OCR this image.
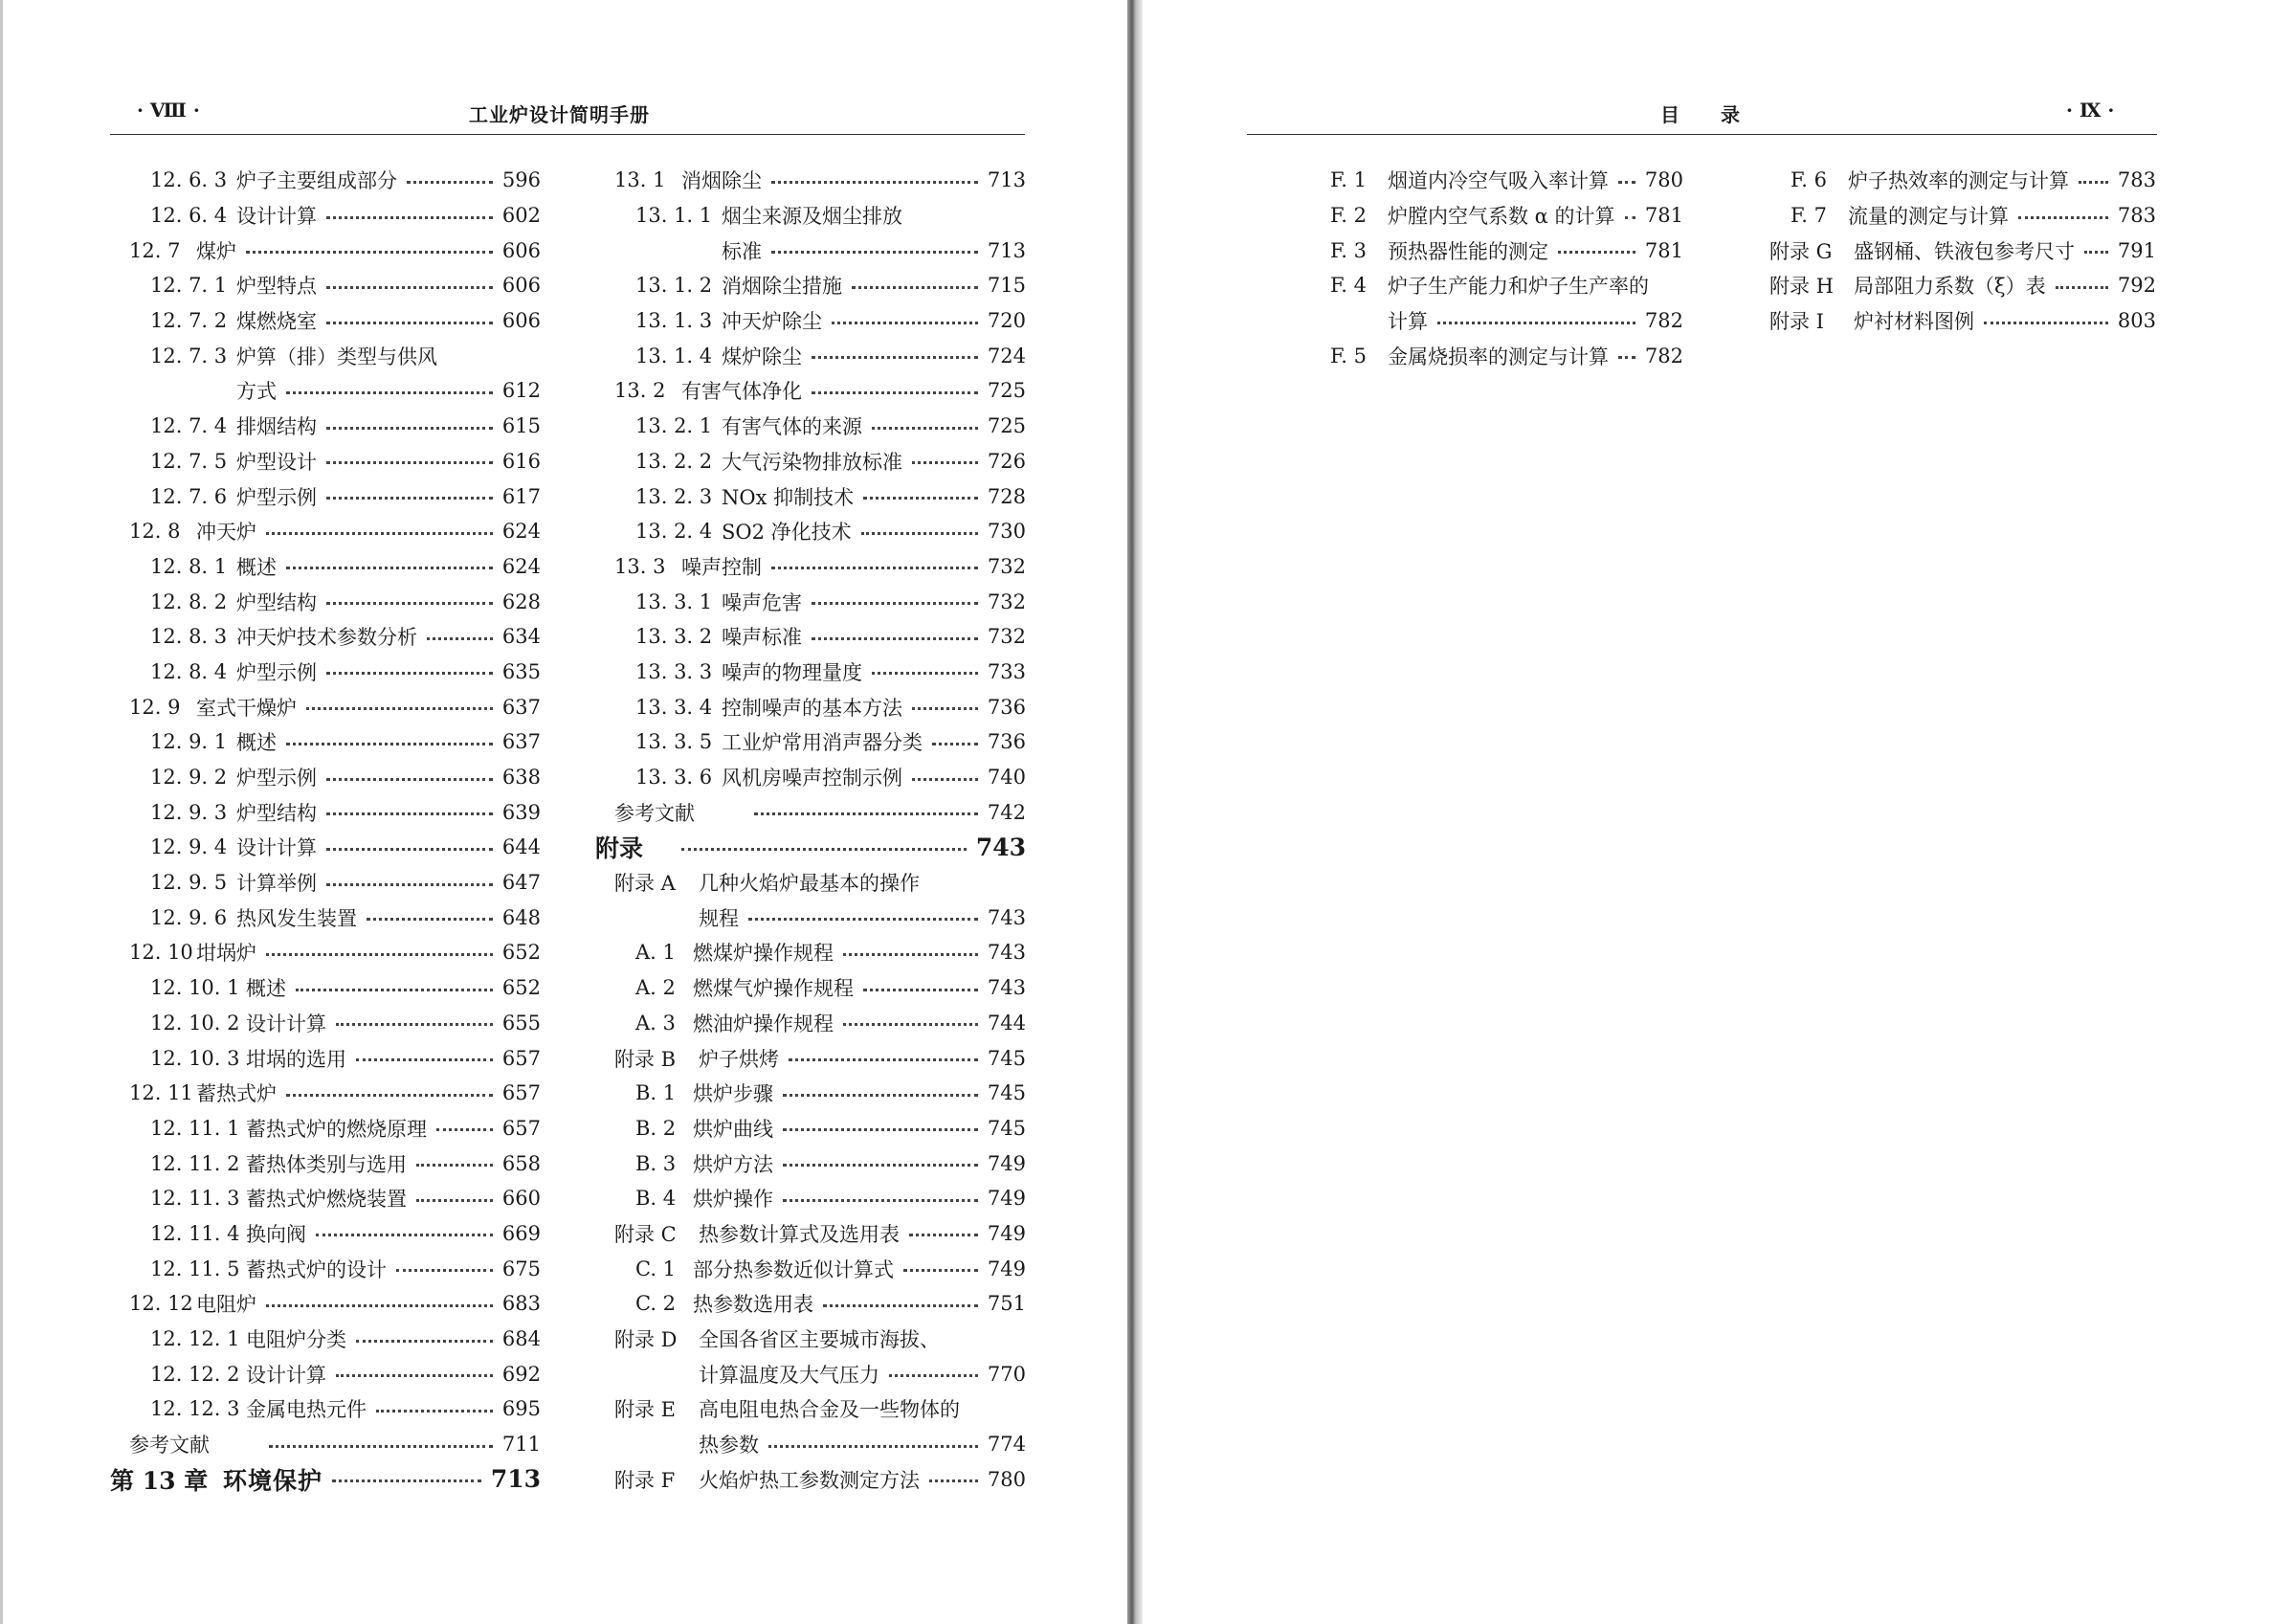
· Ⅷ ·	工业炉设计简明手册
12. 6. 3 炉子主要组成部分	596
12. 6. 4 设计计算	602
12. 7 煤炉	606
12. 7. 1 炉型特点	606
12. 7. 2 煤燃烧室	606
12. 7. 3 炉箅（排）类型与供风
方式	612
12. 7. 4 排烟结构	615
12. 7. 5 炉型设计	616
12. 7. 6 炉型示例	617
12. 8 冲天炉	624
12. 8. 1 概述	624
12. 8. 2 炉型结构	628
12. 8. 3 冲天炉技术参数分析	634
12. 8. 4 炉型示例	635
12. 9 室式干燥炉	637
12. 9. 1 概述	637
12. 9. 2 炉型示例	638
12. 9. 3 炉型结构	639
12. 9. 4 设计计算	644
12. 9. 5 计算举例	647
12. 9. 6 热风发生装置	648
12. 10 坩埚炉	652
12. 10. 1 概述	652
12. 10. 2 设计计算	655
12. 10. 3 坩埚的选用	657
12. 11 蓄热式炉	657
12. 11. 1 蓄热式炉的燃烧原理	657
12. 11. 2 蓄热体类别与选用	658
12. 11. 3 蓄热式炉燃烧装置	660
12. 11. 4 换向阀	669
12. 11. 5 蓄热式炉的设计	675
12. 12 电阻炉	683
12. 12. 1 电阻炉分类	684
12. 12. 2 设计计算	692
12. 12. 3 金属电热元件	695
参考文献	711
第 13 章 环境保护	713
13. 1 消烟除尘	713
13. 1. 1 烟尘来源及烟尘排放
标准	713
13. 1. 2 消烟除尘措施	715
13. 1. 3 冲天炉除尘	720
13. 1. 4 煤炉除尘	724
13. 2 有害气体净化	725
13. 2. 1 有害气体的来源	725
13. 2. 2 大气污染物排放标准	726
13. 2. 3 NOx 抑制技术	728
13. 2. 4 SO2 净化技术	730
13. 3 噪声控制	732
13. 3. 1 噪声危害	732
13. 3. 2 噪声标准	732
13. 3. 3 噪声的物理量度	733
13. 3. 4 控制噪声的基本方法	736
13. 3. 5 工业炉常用消声器分类	736
13. 3. 6 风机房噪声控制示例	740
参考文献	742
附录	743
附录 A	几种火焰炉最基本的操作
规程	743
A. 1 燃煤炉操作规程	743
A. 2 燃煤气炉操作规程	743
A. 3 燃油炉操作规程	744
附录 B	炉子烘烤	745
B. 1 烘炉步骤	745
B. 2 烘炉曲线	745
B. 3 烘炉方法	749
B. 4 烘炉操作	749
附录 C	热参数计算式及选用表	749
C. 1 部分热参数近似计算式	749
C. 2 热参数选用表	751
附录 D	全国各省区主要城市海拔、
计算温度及大气压力	770
附录 E	高电阻电热合金及一些物体的
热参数	774
附录 F	火焰炉热工参数测定方法	780
目　　录	· Ⅸ ·
F. 1	烟道内冷空气吸入率计算 780
F. 2	炉膛内空气系数 α 的计算 781
F. 3	预热器性能的测定	781
F. 4	炉子生产能力和炉子生产率的
计算	782
F. 5	金属烧损率的测定与计算 782
F. 6	炉子热效率的测定与计算 783
F. 7	流量的测定与计算	783
附录 G	盛钢桶、铁液包参考尺寸 791
附录 H	局部阻力系数（ξ）表	792
附录 I	炉衬材料图例	803
